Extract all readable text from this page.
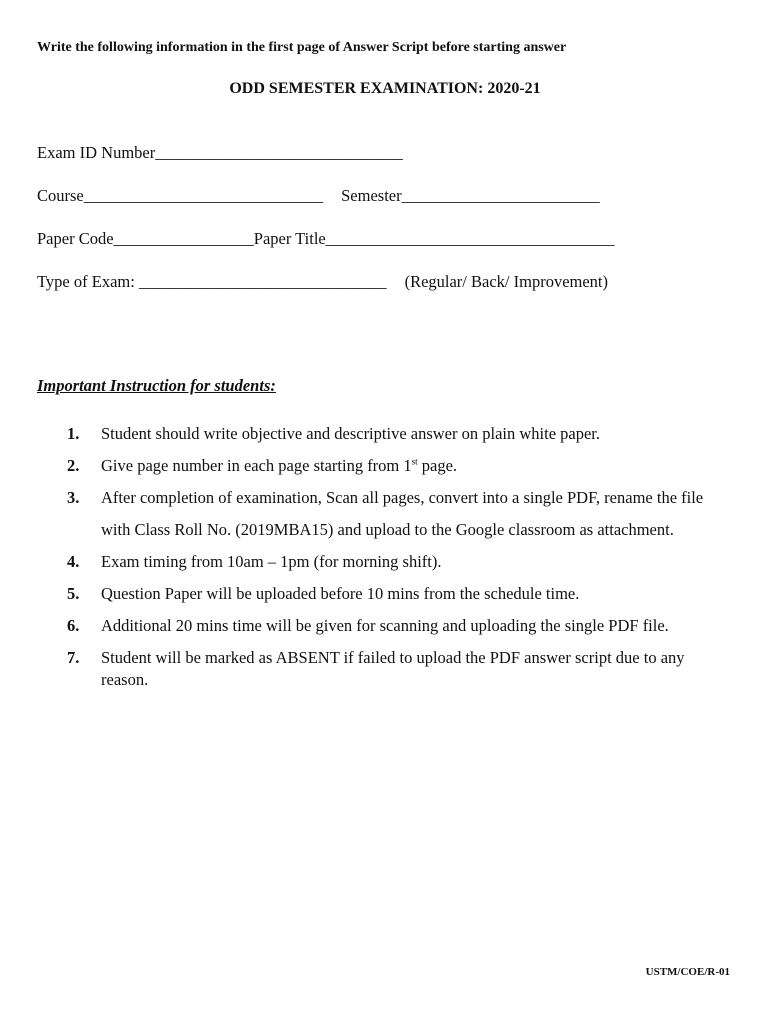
Write the following information in the first page of Answer Script before starting answer
ODD SEMESTER EXAMINATION: 2020-21
Exam ID Number______________________________
Course_____________________________ Semester________________________
Paper Code_________________Paper Title___________________________________
Type of Exam: ______________________________ (Regular/ Back/ Improvement)
Important Instruction for students:
1. Student should write objective and descriptive answer on plain white paper.
2. Give page number in each page starting from 1st page.
3. After completion of examination, Scan all pages, convert into a single PDF, rename the file with Class Roll No. (2019MBA15) and upload to the Google classroom as attachment.
4. Exam timing from 10am – 1pm (for morning shift).
5. Question Paper will be uploaded before 10 mins from the schedule time.
6. Additional 20 mins time will be given for scanning and uploading the single PDF file.
7. Student will be marked as ABSENT if failed to upload the PDF answer script due to any reason.
USTM/COE/R-01
